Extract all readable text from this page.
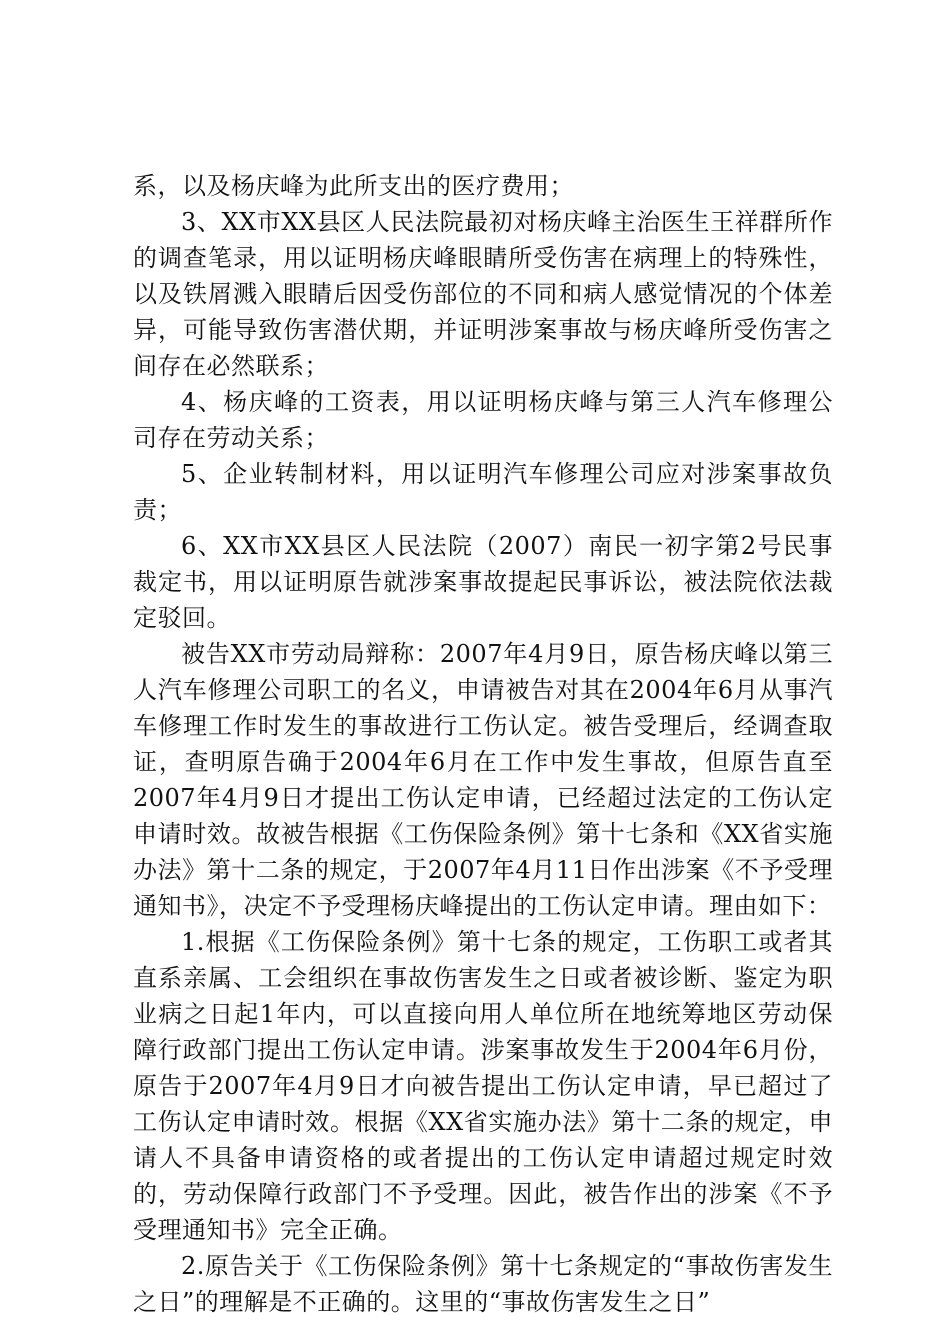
系，以及杨庆峰为此所支出的医疗费用；

3、XX市XX县区人民法院最初对杨庆峰主治医生王祥群所作的调查笔录，用以证明杨庆峰眼睛所受伤害在病理上的特殊性，以及铁屑溅入眼睛后因受伤部位的不同和病人感觉情况的个体差异，可能导致伤害潜伏期，并证明涉案事故与杨庆峰所受伤害之间存在必然联系；

4、杨庆峰的工资表，用以证明杨庆峰与第三人汽车修理公司存在劳动关系；

5、企业转制材料，用以证明汽车修理公司应对涉案事故负责；

6、XX市XX县区人民法院（2007）南民一初字第2号民事裁定书，用以证明原告就涉案事故提起民事诉讼，被法院依法裁定驳回。

被告XX市劳动局辩称：2007年4月9日，原告杨庆峰以第三人汽车修理公司职工的名义，申请被告对其在2004年6月从事汽车修理工作时发生的事故进行工伤认定。被告受理后，经调查取证，查明原告确于2004年6月在工作中发生事故，但原告直至2007年4月9日才提出工伤认定申请，已经超过法定的工伤认定申请时效。故被告根据《工伤保险条例》第十七条和《XX省实施办法》第十二条的规定，于2007年4月11日作出涉案《不予受理通知书》，决定不予受理杨庆峰提出的工伤认定申请。理由如下：

1.根据《工伤保险条例》第十七条的规定，工伤职工或者其直系亲属、工会组织在事故伤害发生之日或者被诊断、鉴定为职业病之日起1年内，可以直接向用人单位所在地统筹地区劳动保障行政部门提出工伤认定申请。涉案事故发生于2004年6月份，原告于2007年4月9日才向被告提出工伤认定申请，早已超过了工伤认定申请时效。根据《XX省实施办法》第十二条的规定，申请人不具备申请资格的或者提出的工伤认定申请超过规定时效的，劳动保障行政部门不予受理。因此，被告作出的涉案《不予受理通知书》完全正确。

2.原告关于《工伤保险条例》第十七条规定的“事故伤害发生之日”的理解是不正确的。这里的“事故伤害发生之日”
